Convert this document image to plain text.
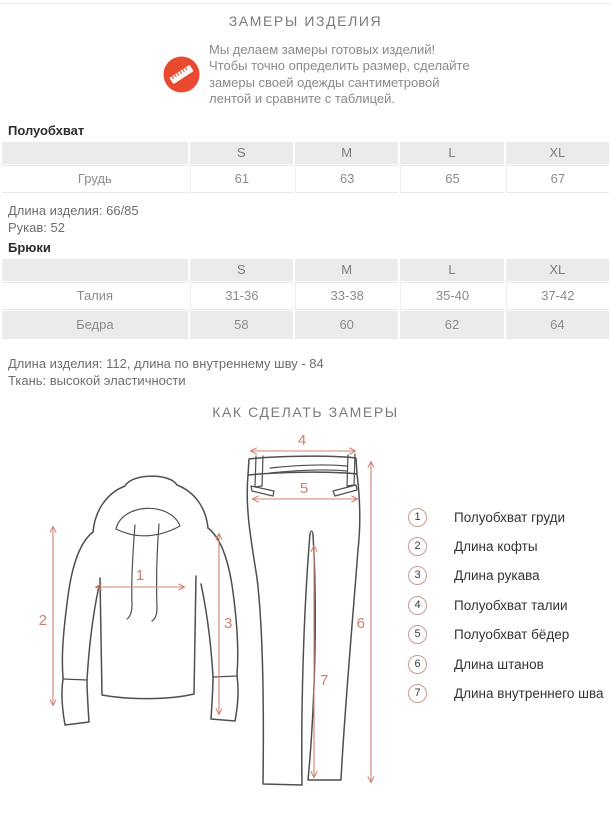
ЗАМЕРЫ ИЗДЕЛИЯ

Мы делаем замеры готовых изделий! Чтобы точно определить размер, сделайте замеры своей одежды сантиметровой лентой и сравните с таблицей.

Полуобхват
	S	M	L	XL
Грудь	61	63	65	67

Длина изделия: 66/85

Рукав: 52

Брюки
	S	M	L	XL
Талия	31-36	33-38	35-40	37-42
Бедра	58	60	62	64

Длина изделия: 112, длина по внутреннему шву - 84

Ткань: высокой эластичности

КАК СДЕЛАТЬ ЗАМЕРЫ
1
2	3
4
5
6
7
1	Полуобхват груди
2	Длина кофты
3	Длина рукава
4	Полуобхват талии
5	Полуобхват бёдер
6	Длина штанов
7	Длина внутреннего шва
